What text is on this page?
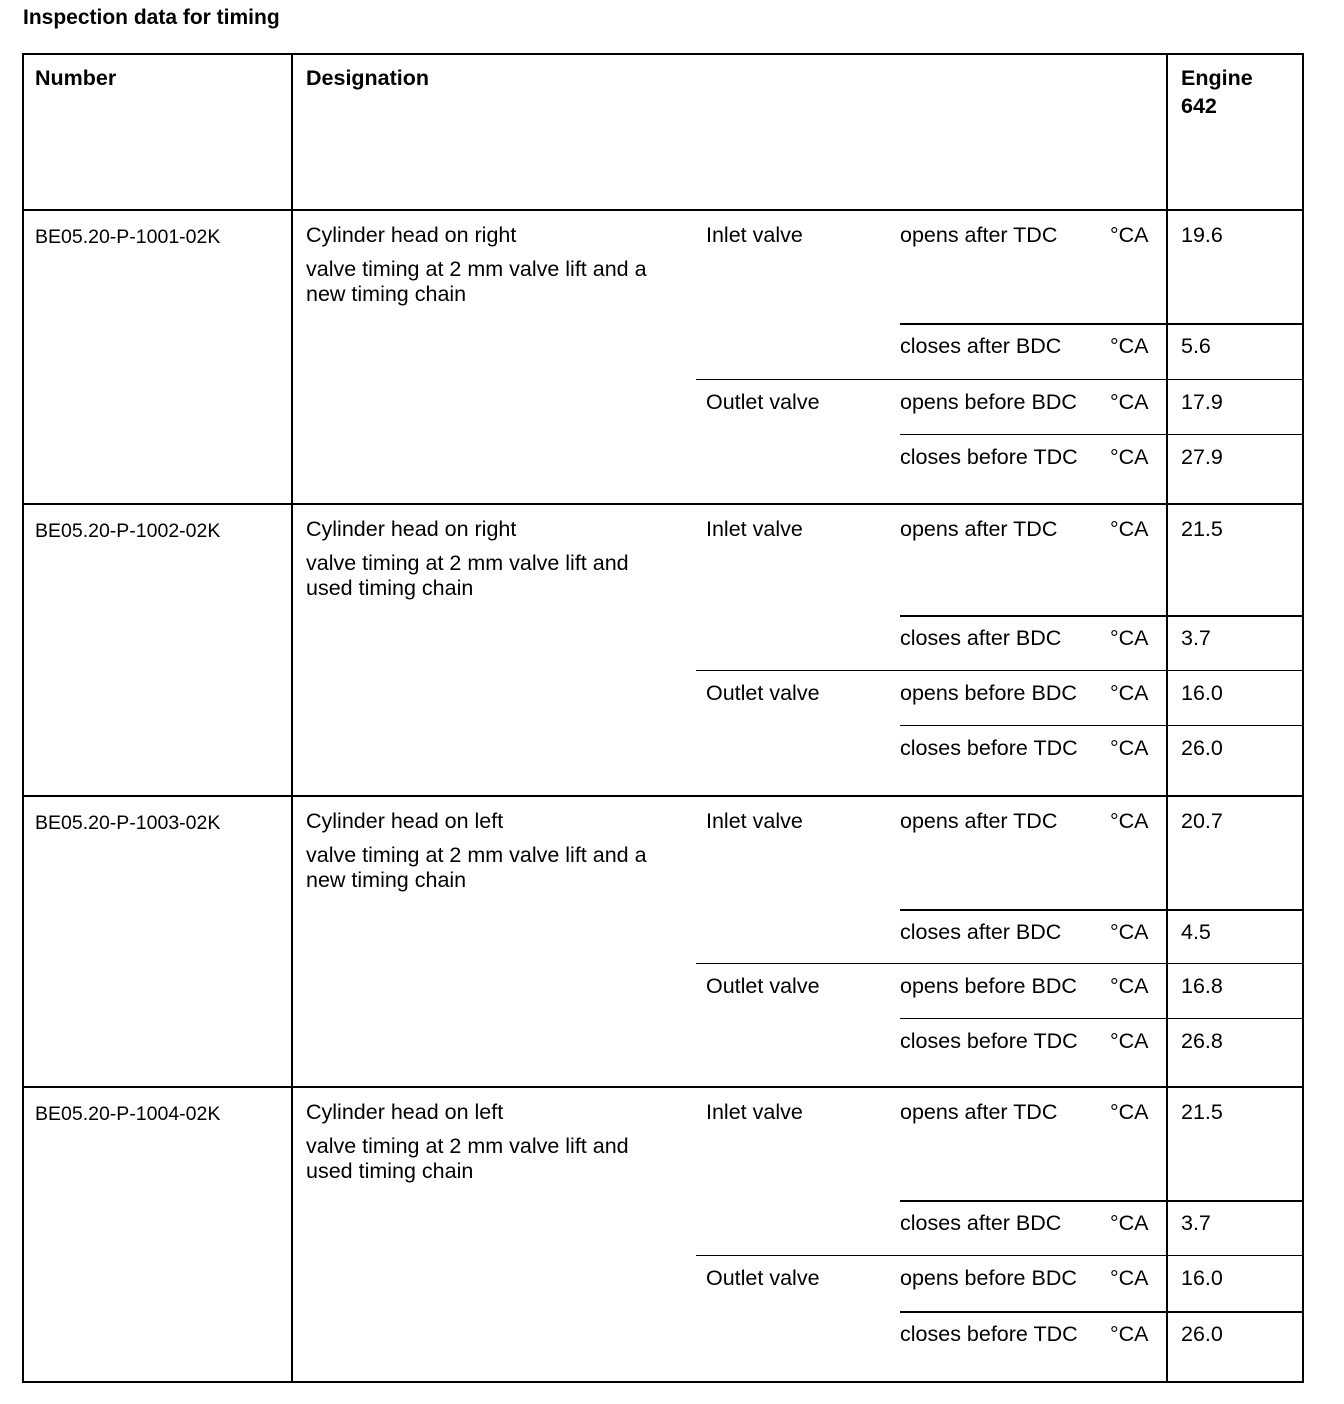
Inspection data for timing
Number	Designation	Engine
642
BE05.20-P-1001-02K	Cylinder head on right
valve timing at 2 mm valve lift and a
new timing chain
Inlet valve	opens after TDC °CA 19.6
closes after BDC °CA 5.6
Outlet valve	opens before BDC °CA 17.9
closes before TDC °CA 27.9
BE05.20-P-1002-02K	Cylinder head on right
valve timing at 2 mm valve lift and
used timing chain
Inlet valve	opens after TDC °CA 21.5
closes after BDC °CA 3.7
Outlet valve	opens before BDC °CA 16.0
closes before TDC °CA 26.0
BE05.20-P-1003-02K	Cylinder head on left
valve timing at 2 mm valve lift and a
new timing chain
Inlet valve	opens after TDC °CA 20.7
closes after BDC °CA 4.5
Outlet valve	opens before BDC °CA 16.8
closes before TDC °CA 26.8
BE05.20-P-1004-02K	Cylinder head on left
valve timing at 2 mm valve lift and
used timing chain
Inlet valve	opens after TDC °CA 21.5
closes after BDC °CA 3.7
Outlet valve	opens before BDC °CA 16.0
closes before TDC °CA 26.0
